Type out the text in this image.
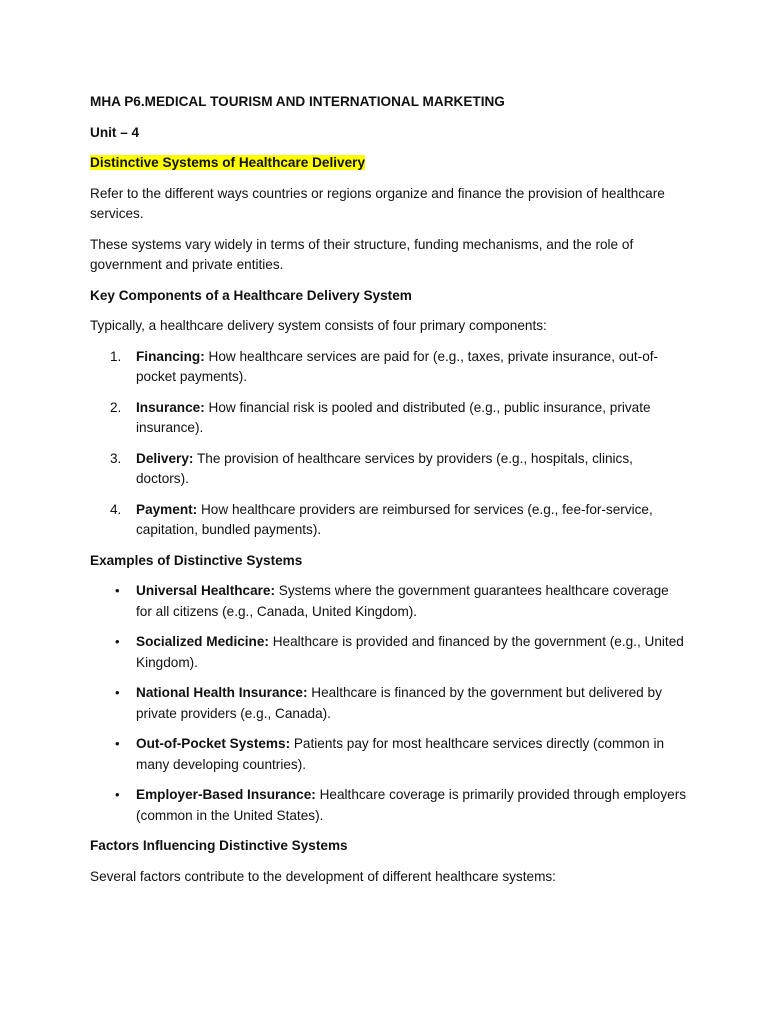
MHA P6.MEDICAL TOURISM AND INTERNATIONAL MARKETING
Unit – 4
Distinctive Systems of Healthcare Delivery

Refer to the different ways countries or regions organize and finance the provision of healthcare services.

These systems vary widely in terms of their structure, funding mechanisms, and the role of government and private entities.

Key Components of a Healthcare Delivery System

Typically, a healthcare delivery system consists of four primary components:

1. Financing: How healthcare services are paid for (e.g., taxes, private insurance, out-of-pocket payments).
2. Insurance: How financial risk is pooled and distributed (e.g., public insurance, private insurance).
3. Delivery: The provision of healthcare services by providers (e.g., hospitals, clinics, doctors).
4. Payment: How healthcare providers are reimbursed for services (e.g., fee-for-service, capitation, bundled payments).
Examples of Distinctive Systems
• Universal Healthcare: Systems where the government guarantees healthcare coverage for all citizens (e.g., Canada, United Kingdom).
• Socialized Medicine: Healthcare is provided and financed by the government (e.g., United Kingdom).
• National Health Insurance: Healthcare is financed by the government but delivered by private providers (e.g., Canada).
• Out-of-Pocket Systems: Patients pay for most healthcare services directly (common in many developing countries).
• Employer-Based Insurance: Healthcare coverage is primarily provided through employers (common in the United States).
Factors Influencing Distinctive Systems

Several factors contribute to the development of different healthcare systems:
